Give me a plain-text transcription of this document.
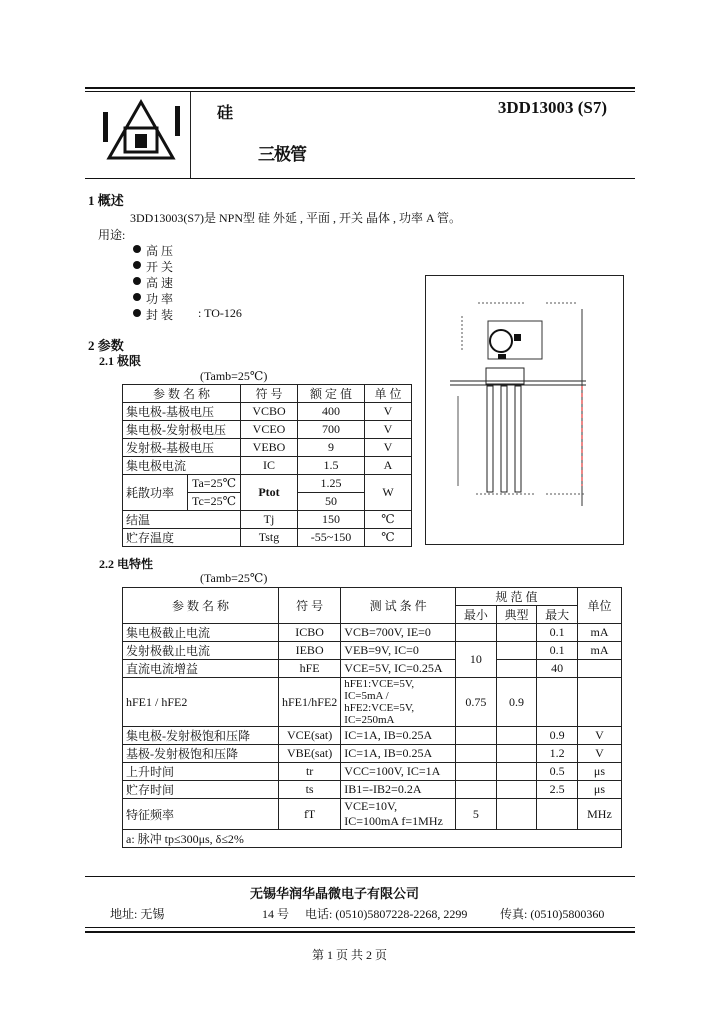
硅
三极管
3DD13003 (S7)
1 概述
3DD13003(S7)是 NPN型 硅 外延 , 平面 , 开关 晶体 , 功率 A 管。
用途:
高 压
开 关
高 速
功 率
封 装 : TO-126
2 参数
2.1 极限
(Tamb=25℃)
参 数 名 称		符 号	额 定 值	单 位
集电极-基极电压		VCBO	400	V
集电极-发射极电压		VCEO	700	V
发射极-基极电压		VEBO	9	V
集电极电流		IC	1.5	A
耗散功率	Ta=25℃	Ptot	1.25	W
	Tc=25℃		50	
结温		Tj	150	℃
贮存温度		Tstg	-55~150	℃
2.2 电特性
(Tamb=25℃)
参 数 名 称	符 号	测 试 条 件	规 范 值			单位
			最小	典型	最大	
集电极截止电流	ICBO	VCB=700V, IE=0			0.1	mA
发射极截止电流	IEBO	VEB=9V, IC=0	10		0.1	mA
直流电流增益	hFE	VCE=5V, IC=0.25A			40	
hFE1 / hFE2	hFE1/hFE2	hFE1:VCE=5V, IC=5mA / hFE2:VCE=5V, IC=250mA	0.75	0.9		
集电极-发射极饱和压降	VCE(sat)	IC=1A, IB=0.25A			0.9	V
基极-发射极饱和压降	VBE(sat)	IC=1A, IB=0.25A			1.2	V
上升时间	tr	VCC=100V, IC=1A			0.5	μs
贮存时间	ts	IB1=-IB2=0.2A			2.5	μs
特征频率	fT	VCE=10V, IC=100mA f=1MHz	5			MHz
a: 脉冲 tp≤300μs, δ≤2%						
无锡华润华晶微电子有限公司
地址: 无锡	14 号 电话: (0510)5807228-2268, 2299	传真: (0510)5800360
第 1 页 共 2 页
